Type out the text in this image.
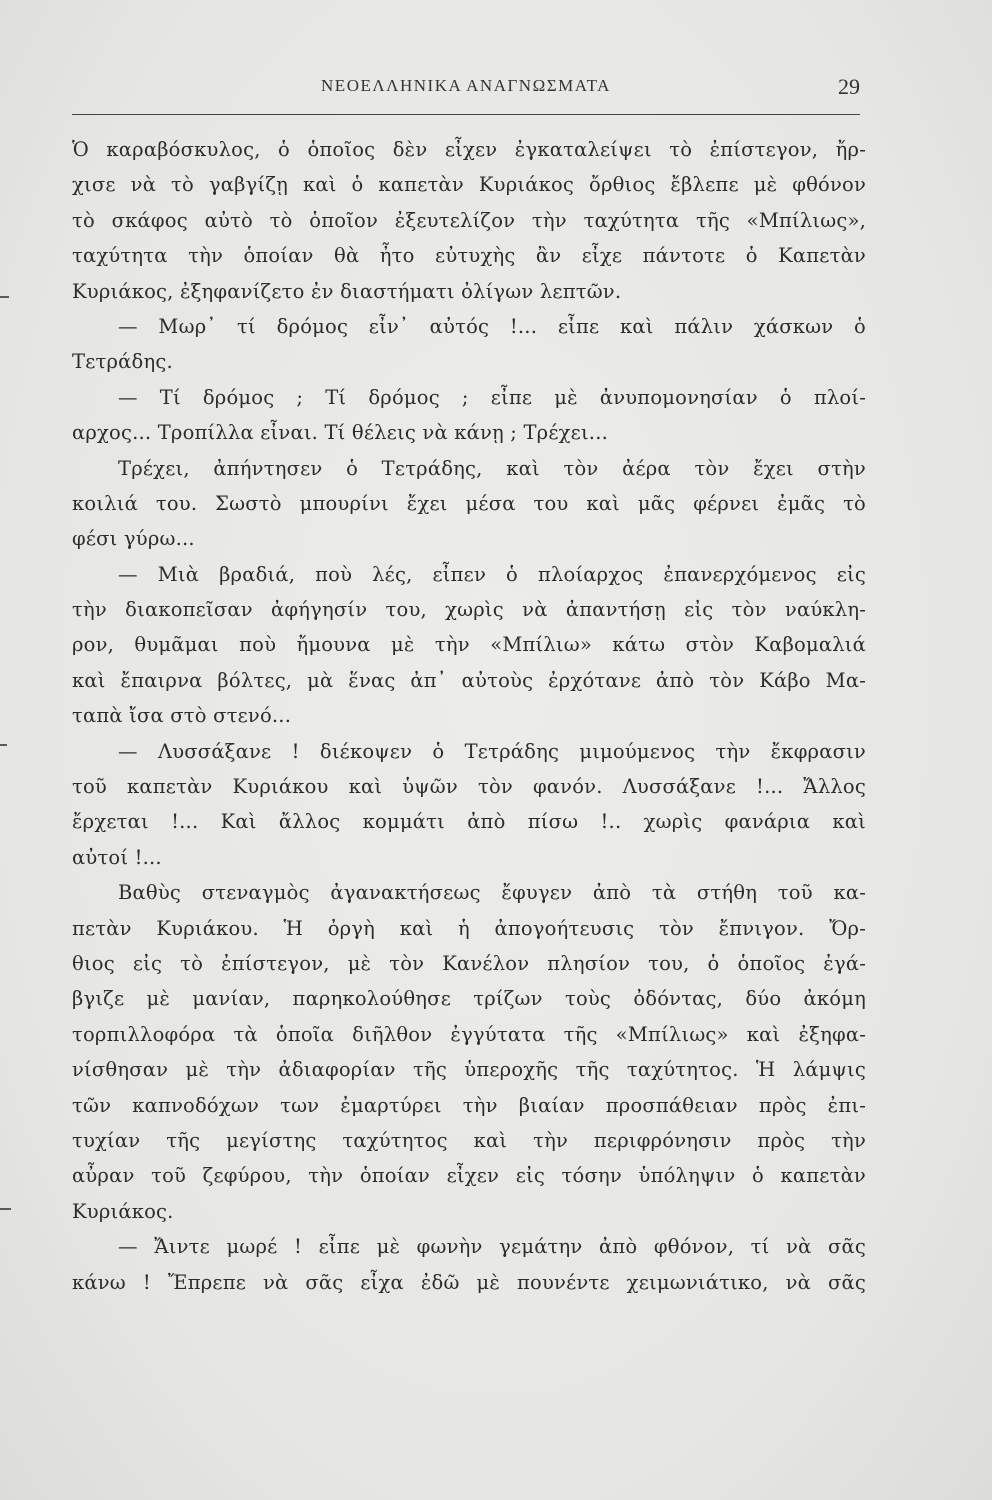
ΝΕΟΕΛΛΗΝΙΚΑ ΑΝΑΓΝΩΣΜΑΤΑ	29
Ὁ καραβόσκυλος, ὁ ὁποῖος δὲν εἶχεν ἐγκαταλείψει τὸ ἐπίστεγον, ἤρ-
χισε νὰ τὸ γαβγίζῃ καὶ ὁ καπετὰν Κυριάκος ὄρθιος ἔβλεπε μὲ φθόνον
τὸ σκάφος αὐτὸ τὸ ὁποῖον ἐξευτελίζον τὴν ταχύτητα τῆς «Μπίλιως»,
ταχύτητα τὴν ὁποίαν θὰ ἦτο εὐτυχὴς ἂν εἶχε πάντοτε ὁ Καπετὰν
Κυριάκος, ἐξηφανίζετο ἐν διαστήματι ὀλίγων λεπτῶν.
— Μωρ᾽ τί δρόμος εἶν᾽ αὐτός !... εἶπε καὶ πάλιν χάσκων ὁ
Τετράδης.
— Τί δρόμος ; Τί δρόμος ; εἶπε μὲ ἀνυπομονησίαν ὁ πλοί-
αρχος... Τροπίλλα εἶναι. Τί θέλεις νὰ κάνῃ ; Τρέχει...
Τρέχει, ἀπήντησεν ὁ Τετράδης, καὶ τὸν ἀέρα τὸν ἔχει στὴν
κοιλιά του. Σωστὸ μπουρίνι ἔχει μέσα του καὶ μᾶς φέρνει ἐμᾶς τὸ
φέσι γύρω...
— Μιὰ βραδιά, ποὺ λές, εἶπεν ὁ πλοίαρχος ἐπανερχόμενος εἰς
τὴν διακοπεῖσαν ἀφήγησίν του, χωρὶς νὰ ἀπαντήσῃ εἰς τὸν ναύκλη-
ρον, θυμᾶμαι ποὺ ἤμουνα μὲ τὴν «Μπίλιω» κάτω στὸν Καβομαλιά
καὶ ἔπαιρνα βόλτες, μὰ ἕνας ἀπ᾽ αὐτοὺς ἐρχότανε ἀπὸ τὸν Κάβο Μα-
ταπὰ ἴσα στὸ στενό...
— Λυσσάξανε ! διέκοψεν ὁ Τετράδης μιμούμενος τὴν ἔκφρασιν
τοῦ καπετὰν Κυριάκου καὶ ὑψῶν τὸν φανόν. Λυσσάξανε !... Ἄλλος
ἔρχεται !... Καὶ ἄλλος κομμάτι ἀπὸ πίσω !.. χωρὶς φανάρια καὶ
αὐτοί !...
Βαθὺς στεναγμὸς ἀγανακτήσεως ἔφυγεν ἀπὸ τὰ στήθη τοῦ κα-
πετὰν Κυριάκου. Ἡ ὀργὴ καὶ ἡ ἀπογοήτευσις τὸν ἔπνιγον. Ὄρ-
θιος εἰς τὸ ἐπίστεγον, μὲ τὸν Κανέλον πλησίον του, ὁ ὁποῖος ἐγά-
βγιζε μὲ μανίαν, παρηκολούθησε τρίζων τοὺς ὀδόντας, δύο ἀκόμη
τορπιλλοφόρα τὰ ὁποῖα διῆλθον ἐγγύτατα τῆς «Μπίλιως» καὶ ἐξηφα-
νίσθησαν μὲ τὴν ἀδιαφορίαν τῆς ὑπεροχῆς τῆς ταχύτητος. Ἡ λάμψις
τῶν καπνοδόχων των ἐμαρτύρει τὴν βιαίαν προσπάθειαν πρὸς ἐπι-
τυχίαν τῆς μεγίστης ταχύτητος καὶ τὴν περιφρόνησιν πρὸς τὴν
αὖραν τοῦ ζεφύρου, τὴν ὁποίαν εἶχεν εἰς τόσην ὑπόληψιν ὁ καπετὰν
Κυριάκος.
— Ἄιντε μωρέ ! εἶπε μὲ φωνὴν γεμάτην ἀπὸ φθόνον, τί νὰ σᾶς
κάνω ! Ἔπρεπε νὰ σᾶς εἶχα ἐδῶ μὲ πουνέντε χειμωνιάτικο, νὰ σᾶς
